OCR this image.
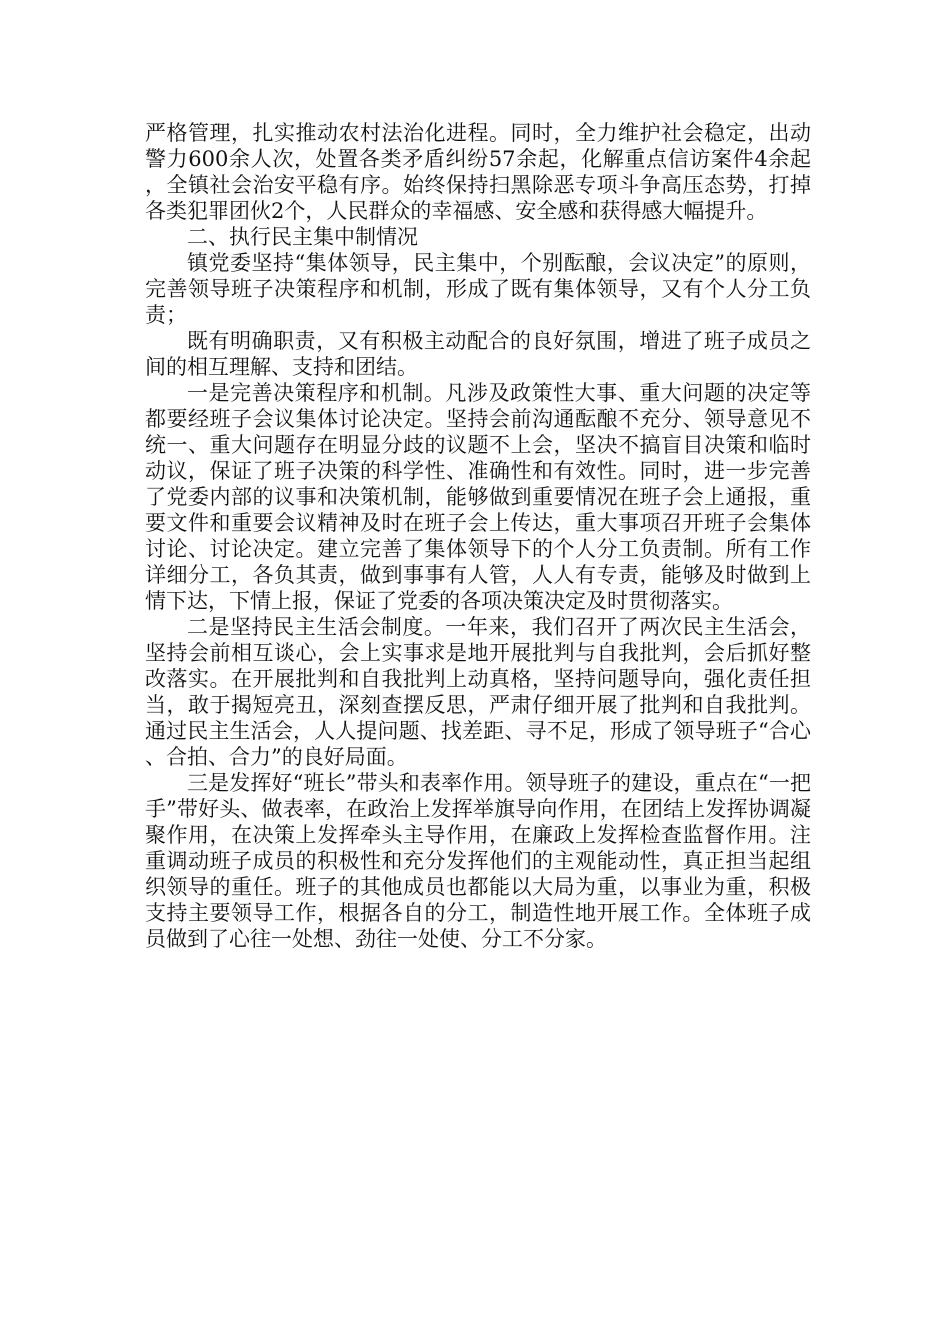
严格管理，扎实推动农村法治化进程。同时，全力维护社会稳定，出动警力600余人次，处置各类矛盾纠纷57余起，化解重点信访案件4余起，全镇社会治安平稳有序。始终保持扫黑除恶专项斗争高压态势，打掉各类犯罪团伙2个，人民群众的幸福感、安全感和获得感大幅提升。

二、执行民主集中制情况

镇党委坚持“集体领导，民主集中，个别酝酿，会议决定”的原则，完善领导班子决策程序和机制，形成了既有集体领导，又有个人分工负责；

既有明确职责，又有积极主动配合的良好氛围，增进了班子成员之间的相互理解、支持和团结。

一是完善决策程序和机制。凡涉及政策性大事、重大问题的决定等都要经班子会议集体讨论决定。坚持会前沟通酝酿不充分、领导意见不统一、重大问题存在明显分歧的议题不上会，坚决不搞盲目决策和临时动议，保证了班子决策的科学性、准确性和有效性。同时，进一步完善了党委内部的议事和决策机制，能够做到重要情况在班子会上通报，重要文件和重要会议精神及时在班子会上传达，重大事项召开班子会集体讨论、讨论决定。建立完善了集体领导下的个人分工负责制。所有工作详细分工，各负其责，做到事事有人管，人人有专责，能够及时做到上情下达，下情上报，保证了党委的各项决策决定及时贯彻落实。

二是坚持民主生活会制度。一年来，我们召开了两次民主生活会，坚持会前相互谈心，会上实事求是地开展批判与自我批判，会后抓好整改落实。在开展批判和自我批判上动真格，坚持问题导向，强化责任担当，敢于揭短亮丑，深刻查摆反思，严肃仔细开展了批判和自我批判。通过民主生活会，人人提问题、找差距、寻不足，形成了领导班子“合心、合拍、合力”的良好局面。

三是发挥好“班长”带头和表率作用。领导班子的建设，重点在“一把手”带好头、做表率，在政治上发挥举旗导向作用，在团结上发挥协调凝聚作用，在决策上发挥牵头主导作用，在廉政上发挥检查监督作用。注重调动班子成员的积极性和充分发挥他们的主观能动性，真正担当起组织领导的重任。班子的其他成员也都能以大局为重，以事业为重，积极支持主要领导工作，根据各自的分工，制造性地开展工作。全体班子成员做到了心往一处想、劲往一处使、分工不分家。
